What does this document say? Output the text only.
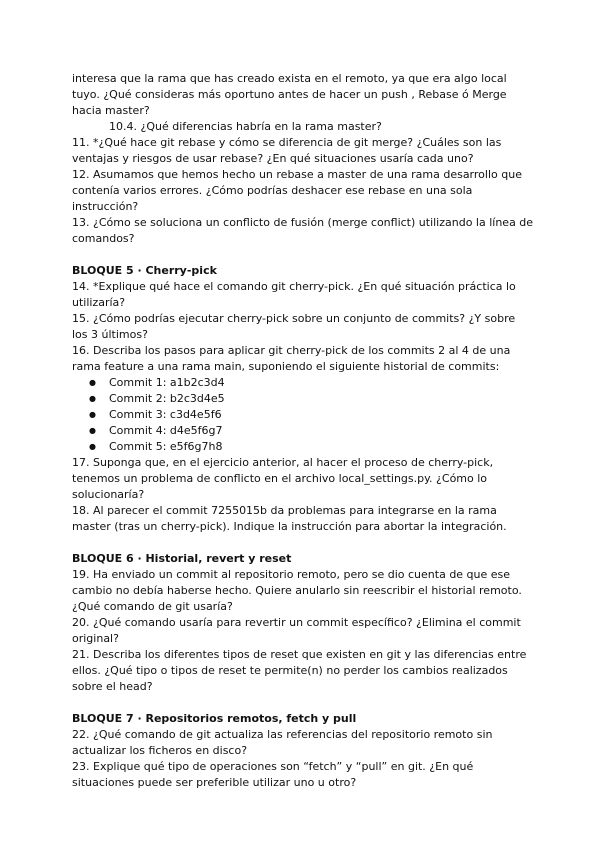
interesa que la rama que has creado exista en el remoto, ya que era algo local tuyo. ¿Qué consideras más oportuno antes de hacer un push , Rebase ó Merge hacia master?

10.4. ¿Qué diferencias habría en la rama master?

11. *¿Qué hace git rebase y cómo se diferencia de git merge? ¿Cuáles son las ventajas y riesgos de usar rebase? ¿En qué situaciones usaría cada uno?

12. Asumamos que hemos hecho un rebase a master de una rama desarrollo que contenía varios errores. ¿Cómo podrías deshacer ese rebase en una sola instrucción?

13. ¿Cómo se soluciona un conflicto de fusión (merge conflict) utilizando la línea de comandos?

BLOQUE 5 · Cherry-pick

14. *Explique qué hace el comando git cherry-pick. ¿En qué situación práctica lo utilizaría?

15. ¿Cómo podrías ejecutar cherry-pick sobre un conjunto de commits? ¿Y sobre los 3 últimos?

16. Describa los pasos para aplicar git cherry-pick de los commits 2 al 4 de una rama feature a una rama main, suponiendo el siguiente historial de commits:

● Commit 1: a1b2c3d4
● Commit 2: b2c3d4e5
● Commit 3: c3d4e5f6
● Commit 4: d4e5f6g7
● Commit 5: e5f6g7h8

17. Suponga que, en el ejercicio anterior, al hacer el proceso de cherry-pick, tenemos un problema de conflicto en el archivo local_settings.py. ¿Cómo lo solucionaría?

18. Al parecer el commit 7255015b da problemas para integrarse en la rama master (tras un cherry-pick). Indique la instrucción para abortar la integración.

BLOQUE 6 · Historial, revert y reset

19. Ha enviado un commit al repositorio remoto, pero se dio cuenta de que ese cambio no debía haberse hecho. Quiere anularlo sin reescribir el historial remoto. ¿Qué comando de git usaría?

20. ¿Qué comando usaría para revertir un commit específico? ¿Elimina el commit original?

21. Describa los diferentes tipos de reset que existen en git y las diferencias entre ellos. ¿Qué tipo o tipos de reset te permite(n) no perder los cambios realizados sobre el head?

BLOQUE 7 · Repositorios remotos, fetch y pull

22. ¿Qué comando de git actualiza las referencias del repositorio remoto sin actualizar los ficheros en disco?

23. Explique qué tipo de operaciones son “fetch” y “pull” en git. ¿En qué situaciones puede ser preferible utilizar uno u otro?
